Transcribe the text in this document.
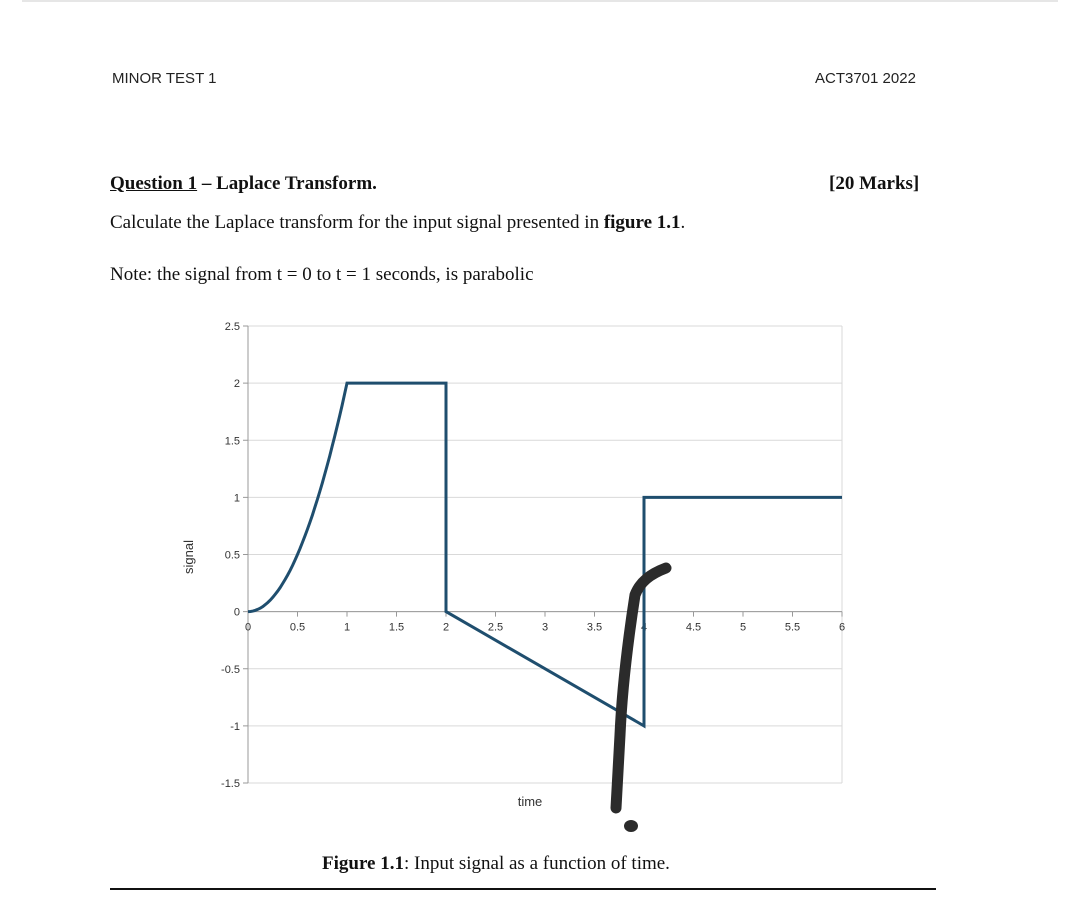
MINOR TEST 1	ACT3701 2022
Question 1 – Laplace Transform.	[20 Marks]
Calculate the Laplace transform for the input signal presented in figure 1.1.
Note: the signal from t = 0 to t = 1 seconds, is parabolic
2.5
2
1.5
1
0.5
0
-0.5
-1
-1.5
0	0.5	1	1.5	2	2.5	3	3.5	4	4.5	5	5.5	6
time
signal
Figure 1.1: Input signal as a function of time.
